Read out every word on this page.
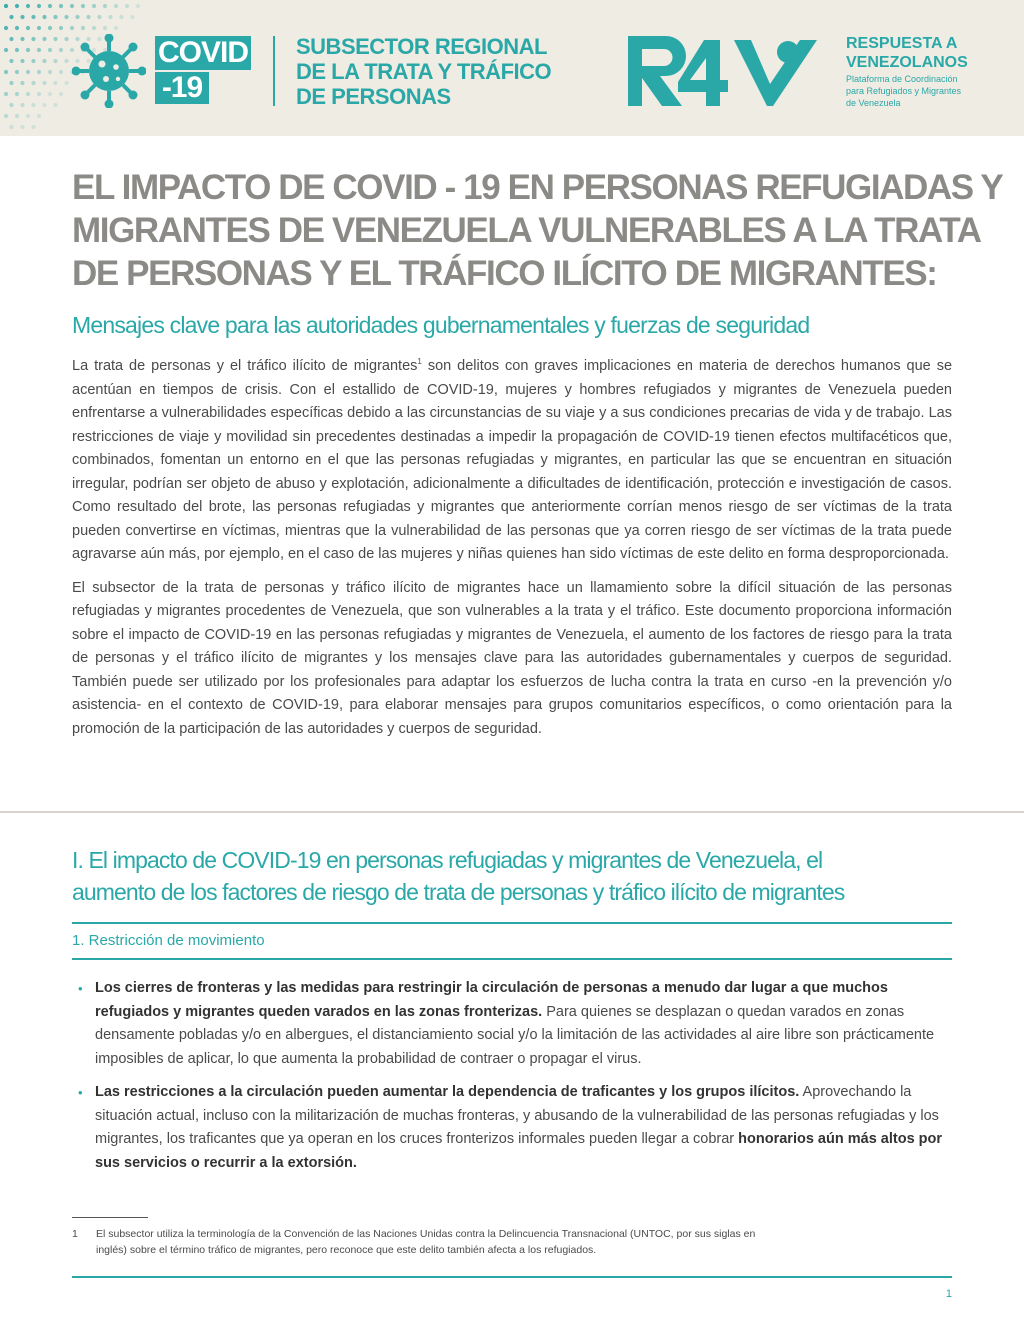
COVID
-19
SUBSECTOR REGIONAL
DE LA TRATA Y TRÁFICO
DE PERSONAS
RESPUESTA A
VENEZOLANOS
Plataforma de Coordinación
para Refugiados y Migrantes
de Venezuela
EL IMPACTO DE COVID - 19 EN PERSONAS REFUGIADAS Y
MIGRANTES DE VENEZUELA VULNERABLES A LA TRATA
DE PERSONAS Y EL TRÁFICO ILÍCITO DE MIGRANTES:
Mensajes clave para las autoridades gubernamentales y fuerzas de seguridad

La trata de personas y el tráfico ilícito de migrantes$^1$ son delitos con graves implicaciones en materia de derechos humanos que se acentúan en tiempos de crisis. Con el estallido de COVID-19, mujeres y hombres refugiados y migrantes de Venezuela pueden enfrentarse a vulnerabilidades específicas debido a las circunstancias de su viaje y a sus condiciones precarias de vida y de trabajo. Las restricciones de viaje y movilidad sin precedentes destinadas a impedir la propagación de COVID-19 tienen efectos multifacéticos que, combinados, fomentan un entorno en el que las personas refugiadas y migrantes, en particular las que se encuentran en situación irregular, podrían ser objeto de abuso y explotación, adicionalmente a dificultades de identificación, protección e investigación de casos. Como resultado del brote, las personas refugiadas y migrantes que anteriormente corrían menos riesgo de ser víctimas de la trata pueden convertirse en víctimas, mientras que la vulnerabilidad de las personas que ya corren riesgo de ser víctimas de la trata puede agravarse aún más, por ejemplo, en el caso de las mujeres y niñas quienes han sido víctimas de este delito en forma desproporcionada.

El subsector de la trata de personas y tráfico ilícito de migrantes hace un llamamiento sobre la difícil situación de las personas refugiadas y migrantes procedentes de Venezuela, que son vulnerables a la trata y el tráfico. Este documento proporciona información sobre el impacto de COVID-19 en las personas refugiadas y migrantes de Venezuela, el aumento de los factores de riesgo para la trata de personas y el tráfico ilícito de migrantes y los mensajes clave para las autoridades gubernamentales y cuerpos de seguridad. También puede ser utilizado por los profesionales para adaptar los esfuerzos de lucha contra la trata en curso -en la prevención y/o asistencia- en el contexto de COVID-19, para elaborar mensajes para grupos comunitarios específicos, o como orientación para la promoción de la participación de las autoridades y cuerpos de seguridad.

I. El impacto de COVID-19 en personas refugiadas y migrantes de Venezuela, el
aumento de los factores de riesgo de trata de personas y tráfico ilícito de migrantes
1. Restricción de movimiento
• Los cierres de fronteras y las medidas para restringir la circulación de personas a menudo dar lugar a que muchos refugiados y migrantes queden varados en las zonas fronterizas. Para quienes se desplazan o quedan varados en zonas densamente pobladas y/o en albergues, el distanciamiento social y/o la limitación de las actividades al aire libre son prácticamente imposibles de aplicar, lo que aumenta la probabilidad de contraer o propagar el virus.
• Las restricciones a la circulación pueden aumentar la dependencia de traficantes y los grupos ilícitos. Aprovechando la situación actual, incluso con la militarización de muchas fronteras, y abusando de la vulnerabilidad de las personas refugiadas y los migrantes, los traficantes que ya operan en los cruces fronterizos informales pueden llegar a cobrar honorarios aún más altos por sus servicios o recurrir a la extorsión.
1 El subsector utiliza la terminología de la Convención de las Naciones Unidas contra la Delincuencia Transnacional (UNTOC, por sus siglas en inglés) sobre el término tráfico de migrantes, pero reconoce que este delito también afecta a los refugiados.
1
